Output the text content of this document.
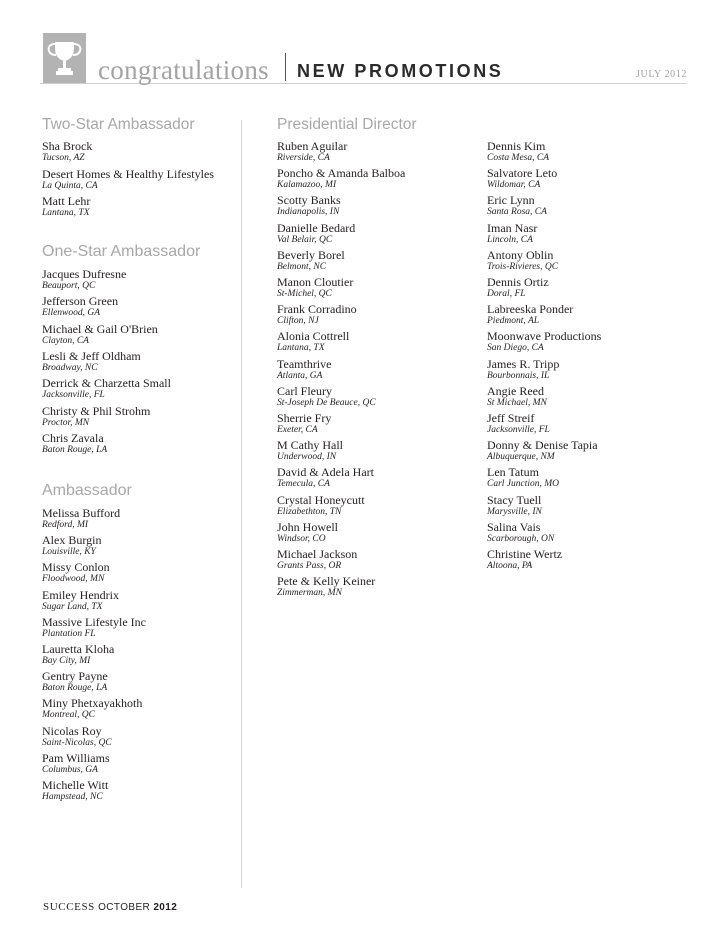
congratulations NEW PROMOTIONS	JULY 2012
Two-Star Ambassador
One-Star Ambassador
Ambassador
Presidential Director
Sha Brock
Tucson, AZ
Desert Homes & Healthy Lifestyles
La Quinta, CA
Matt Lehr
Lantana, TX
Jacques Dufresne
Beauport, QC
Jefferson Green
Ellenwood, GA
Michael & Gail O'Brien
Clayton, CA
Lesli & Jeff Oldham
Broadway, NC
Derrick & Charzetta Small
Jacksonville, FL
Christy & Phil Strohm
Proctor, MN
Chris Zavala
Baton Rouge, LA
Melissa Bufford
Redford, MI
Alex Burgin
Louisville, KY
Missy Conlon
Floodwood, MN
Emiley Hendrix
Sugar Land, TX
Massive Lifestyle Inc
Plantation FL
Lauretta Kloha
Bay City, MI
Gentry Payne
Baton Rouge, LA
Miny Phetxayakhoth
Montreal, QC
Nicolas Roy
Saint-Nicolas, QC
Pam Williams
Columbus, GA
Michelle Witt
Hampstead, NC
Ruben Aguilar
Riverside, CA
Poncho & Amanda Balboa
Kalamazoo, MI
Scotty Banks
Indianapolis, IN
Danielle Bedard
Val Belair, QC
Beverly Borel
Belmont, NC
Manon Cloutier
St-Michel, QC
Frank Corradino
Clifton, NJ
Alonia Cottrell
Lantana, TX
Teamthrive
Atlanta, GA
Carl Fleury
St-Joseph De Beauce, QC
Sherrie Fry
Exeter, CA
M Cathy Hall
Underwood, IN
David & Adela Hart
Temecula, CA
Crystal Honeycutt
Elizabethton, TN
John Howell
Windsor, CO
Michael Jackson
Grants Pass, OR
Pete & Kelly Keiner
Zimmerman, MN
Dennis Kim
Costa Mesa, CA
Salvatore Leto
Wildomar, CA
Eric Lynn
Santa Rosa, CA
Iman Nasr
Lincoln, CA
Antony Oblin
Trois-Rivieres, QC
Dennis Ortiz
Doral, FL
Labreeska Ponder
Piedmont, AL
Moonwave Productions
San Diego, CA
James R. Tripp
Bourbonnais, IL
Angie Reed
St Michael, MN
Jeff Streif
Jacksonville, FL
Donny & Denise Tapia
Albuquerque, NM
Len Tatum
Carl Junction, MO
Stacy Tuell
Marysville, IN
Salina Vais
Scarborough, ON
Christine Wertz
Altoona, PA
SUCCESS OCTOBER 2012
